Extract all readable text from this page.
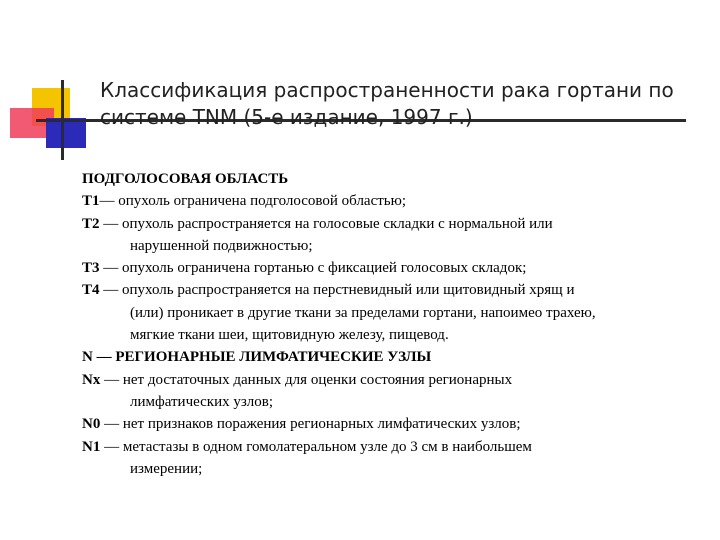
Классификация распространенности рака гортани по
системе TNM (5-е издание, 1997 г.)
ПОДГОЛОСОВАЯ ОБЛАСТЬ
T1— опухоль ограничена подголосовой областью;
T2 — опухоль распространяется на голосовые складки с нормальной или
нарушенной подвижностью;
T3 — опухоль ограничена гортанью с фиксацией голосовых складок;
T4 — опухоль распространяется на перстневидный или щитовидный хрящ и
(или) проникает в другие ткани за пределами гортани, напоимео трахею,
мягкие ткани шеи, щитовидную железу, пищевод.
N — РЕГИОНАРНЫЕ ЛИМФАТИЧЕСКИЕ УЗЛЫ
Nx — нет достаточных данных для оценки состояния регионарных
лимфатических узлов;
N0 — нет признаков поражения регионарных лимфатических узлов;
N1 — метастазы в одном гомолатеральном узле до 3 см в наибольшем
измерении;
